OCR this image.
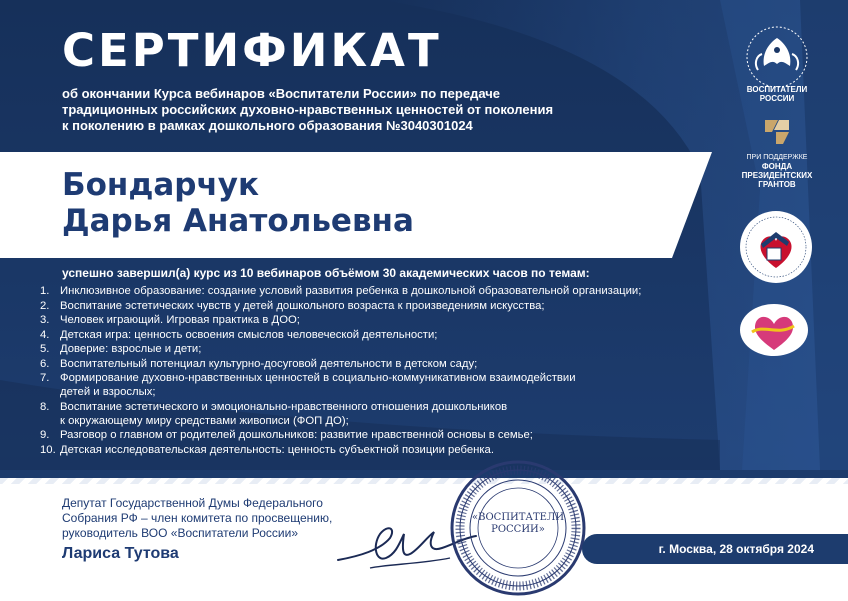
СЕРТИФИКАТ

об окончании Курса вебинаров «Воспитатели России» по передаче
традиционных российских духовно-нравственных ценностей от поколения
к поколению в рамках дошкольного образования №3040301024

Бондарчук
Дарья Анатольевна

успешно завершил(а) курс из 10 вебинаров объёмом 30 академических часов по темам:

1. Инклюзивное образование: создание условий развития ребенка в дошкольной образовательной организации;
2. Воспитание эстетических чувств у детей дошкольного возраста к произведениям искусства;
3. Человек играющий. Игровая практика в ДОО;
4. Детская игра: ценность освоения смыслов человеческой деятельности;
5. Доверие: взрослые и дети;
6. Воспитательный потенциал культурно-досуговой деятельности в детском саду;
7. Формирование духовно-нравственных ценностей в социально-коммуникативном взаимодействии
детей и взрослых;
8. Воспитание эстетического и эмоционально-нравственного отношения дошкольников
к окружающему миру средствами живописи (ФОП ДО);
9. Разговор о главном от родителей дошкольников: развитие нравственной основы в семье;
10. Детская исследовательская деятельность: ценность субъектной позиции ребенка.
ВОСПИТАТЕЛИ
РОССИИ
ПРИ ПОДДЕРЖКЕ
ФОНДА ПРЕЗИДЕНТСКИХ ГРАНТОВ

Депутат Государственной Думы Федерального
Собрания РФ – член комитета по просвещению,
руководитель ВОО «Воспитатели России»

Лариса Тутова

«ВОСПИТАТЕЛИ
РОССИИ»
г. Москва, 28 октября 2024
